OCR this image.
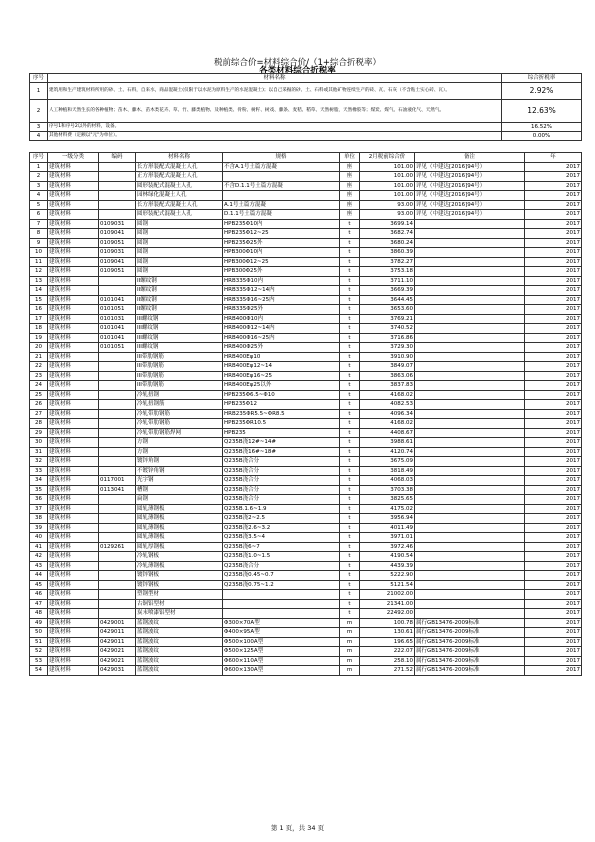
税前综合价=材料综合价/（1+综合折税率）
各类材料综合折税率
序号	材料名称	综合折税率
1	建筑用和生产建筑材料所用的砂、土、石料，自来水，商品混凝土(仅限于以水泥为原料生产的水泥混凝土)；以自己采掘的砂、土、石料或其他矿物连续生产的砖、瓦、石灰（不含粘土实心砖、瓦）。	2.92%
2	人工种植和天然生长的各种植物；苗木、藤木、苗木类花卉、草、竹、藤类植物、及种植类、骨粉、树籽、树戏、藤条、麦秸、稻草、天然树脂，天然橡胶等；煤炭、煤气、石油液化气、天然气。	12.63%
3	序号1和序号2以外的材料，设备。	16.52%
4	其他材料费（定额以"元"为单位）。	0.00%
序号	一级分类	编码	材料名称	规格	单位	2月税前综合价	备注	年
1	建筑材料		长方形装配式混凝土人孔	不含A.1号土篇方混凝	座	101.00	评见（中建达[2016]94号）	2017
2	建筑材料		正方形装配式混凝土人孔		座	101.00	评见（中建达[2016]94号）	2017
3	建筑材料		圆形装配式混凝土人孔	不含D.1.1号土篇方混凝	座	101.00	评见（中建达[2016]94号）	2017
4	建筑材料		园林绿化混凝土人孔		座	101.00	评见（中建达[2016]94号）	2017
5	建筑材料		长方形装配式混凝土人孔	A.1号土篇方混凝	座	93.00	评见（中建达[2016]94号）	2017
6	建筑材料		圆形装配式混凝土人孔	D.1.1号土篇方混凝	座	93.00	评见（中建达[2016]94号）	2017
7	建筑材料	0109031	圆钢	HPB235Φ10内	t	3699.14		2017
8	建筑材料	0109041	圆钢	HPB235Φ12~25	t	3682.74		2017
9	建筑材料	0109051	圆钢	HPB235Φ25外	t	3680.24		2017
10	建筑材料	0109031	圆钢	HPB300Φ10内	t	3860.39		2017
11	建筑材料	0109041	圆钢	HPB300Φ12~25	t	3782.27		2017
12	建筑材料	0109051	圆钢	HPB300Φ25外	t	3753.18		2017
13	建筑材料		II螺纹钢	HRB335Φ10内	t	3711.10		2017
14	建筑材料		II螺纹钢	HRB335Φ12~14内	t	3669.39		2017
15	建筑材料	0101041	II螺纹钢	HRB335Φ16~25内	t	3644.45		2017
16	建筑材料	0101051	II螺纹钢	HRB335Φ25外	t	3653.60		2017
17	建筑材料	0101031	III螺纹钢	HRB400Φ10内	t	3769.21		2017
18	建筑材料	0101041	III螺纹钢	HRB400Φ12~14内	t	3740.52		2017
19	建筑材料	0101041	III螺纹钢	HRB400Φ16~25内	t	3716.86		2017
20	建筑材料	0101051	III螺纹钢	HRB400Φ25外	t	3729.30		2017
21	建筑材料		III带肋钢筋	HRB400Eφ10	t	3910.90		2017
22	建筑材料		III带肋钢筋	HRB400Eφ12~14	t	3849.07		2017
23	建筑材料		III带肋钢筋	HRB400Eφ16~25	t	3863.06		2017
24	建筑材料		III带肋钢筋	HRB400Eφ25以外	t	3837.83		2017
25	建筑材料		冷轧扭钢	HPB235Φ6.5~Φ10	t	4168.02		2017
26	建筑材料		冷轧扭钢筋	HPB235Φ12	t	4082.53		2017
27	建筑材料		冷轧带肋钢筋	HRB235ΦR5.5~ΦR8.5	t	4096.34		2017
28	建筑材料		冷轧带肋钢筋	HPB235ΦR10.5	t	4168.02		2017
29	建筑材料		冷轧带肋钢筋焊网	HPB235	t	4408.67		2017
30	建筑材料		方钢	Q235B浇12#~14#	t	3988.61		2017
31	建筑材料		方钢	Q235B浇16#~18#	t	4120.74		2017
32	建筑材料		镀锌角钢	Q235B浇合分	t	3675.09		2017
33	建筑材料		不镀锌角钢	Q235B浇合分	t	3818.49		2017
34	建筑材料	0117001	光字钢	Q235B浇合分	t	4068.03		2017
35	建筑材料	0113041	槽钢	Q235B浇合分	t	3703.38		2017
36	建筑材料		扁钢	Q235B浇合分	t	3825.65		2017
37	建筑材料		圆轧薄钢板	Q235B.1.6~1.9	t	4175.02		2017
38	建筑材料		圆轧薄钢板	Q235B浇2~2.5	t	3956.94		2017
39	建筑材料		圆轧薄钢板	Q235B浇2.6~3.2	t	4011.49		2017
40	建筑材料		圆轧薄钢板	Q235B浇3.5~4	t	3971.01		2017
41	建筑材料	0129261	圆轧厚钢板	Q235B浇6~7	t	3972.46		2017
42	建筑材料		冷轧钢板	Q235B浇1.0~1.5	t	4190.54		2017
43	建筑材料		冷轧薄钢板	Q235B浇合分	t	4439.39		2017
44	建筑材料		镀锌钢板	Q235B浇0.45~0.7	t	5222.90		2017
45	建筑材料		镀锌钢板	Q235B浇0.75~1.2	t	5121.54		2017
46	建筑材料		塑钢型材		t	21002.00		2017
47	建筑材料		古铜铝型材		t	21341.00		2017
48	建筑材料		炭末喷漆铝型材		t	22492.00		2017
49	建筑材料	0429001	蓝钢波纹	Φ300×70A型	m	100.78	属行GB13476-2009标准	2017
50	建筑材料	0429011	蓝钢波纹	Φ400×95A型	m	130.61	属行GB13476-2009标准	2017
51	建筑材料	0429011	蓝钢波纹	Φ500×100A型	m	196.65	属行GB13476-2009标准	2017
52	建筑材料	0429021	蓝钢波纹	Φ500×125A型	m	222.07	属行GB13476-2009标准	2017
53	建筑材料	0429021	蓝钢波纹	Φ600×110A型	m	258.10	属行GB13476-2009标准	2017
54	建筑材料	0429031	蓝钢波纹	Φ600×130A型	m	271.52	属行GB13476-2009标准	2017
第 1 页，共 34 页
